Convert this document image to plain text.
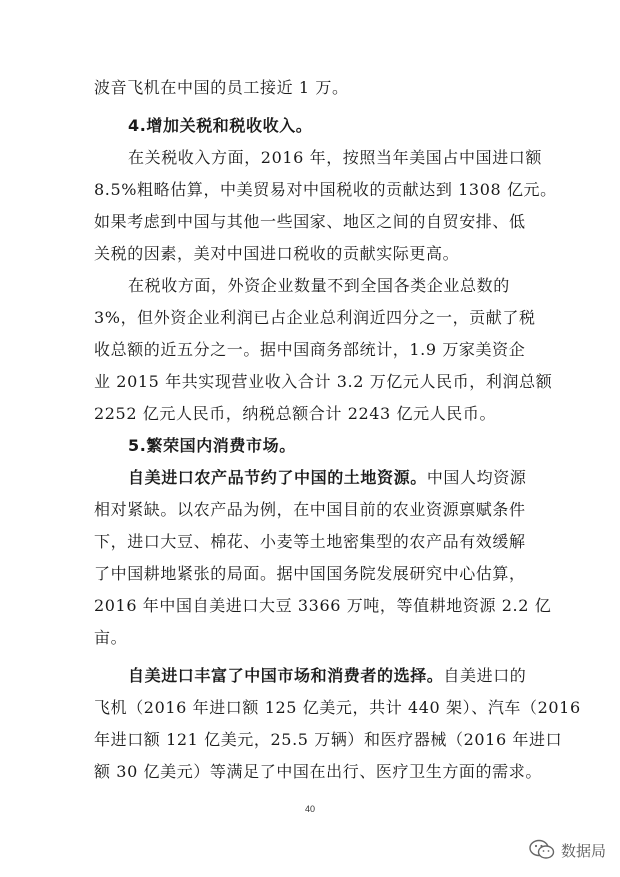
波音飞机在中国的员工接近 1 万。

4.增加关税和税收收入。

在关税收入方面，2016 年，按照当年美国占中国进口额

8.5%粗略估算，中美贸易对中国税收的贡献达到 1308 亿元。

如果考虑到中国与其他一些国家、地区之间的自贸安排、低

关税的因素，美对中国进口税收的贡献实际更高。

在税收方面，外资企业数量不到全国各类企业总数的

3%，但外资企业利润已占企业总利润近四分之一，贡献了税

收总额的近五分之一。据中国商务部统计，1.9 万家美资企

业 2015 年共实现营业收入合计 3.2 万亿元人民币，利润总额

2252 亿元人民币，纳税总额合计 2243 亿元人民币。

5.繁荣国内消费市场。

自美进口农产品节约了中国的土地资源。中国人均资源

相对紧缺。以农产品为例，在中国目前的农业资源禀赋条件

下，进口大豆、棉花、小麦等土地密集型的农产品有效缓解

了中国耕地紧张的局面。据中国国务院发展研究中心估算，

2016 年中国自美进口大豆 3366 万吨，等值耕地资源 2.2 亿

亩。

自美进口丰富了中国市场和消费者的选择。自美进口的

飞机（2016 年进口额 125 亿美元，共计 440 架）、汽车（2016

年进口额 121 亿美元，25.5 万辆）和医疗器械（2016 年进口

额 30 亿美元）等满足了中国在出行、医疗卫生方面的需求。

40
数据局
